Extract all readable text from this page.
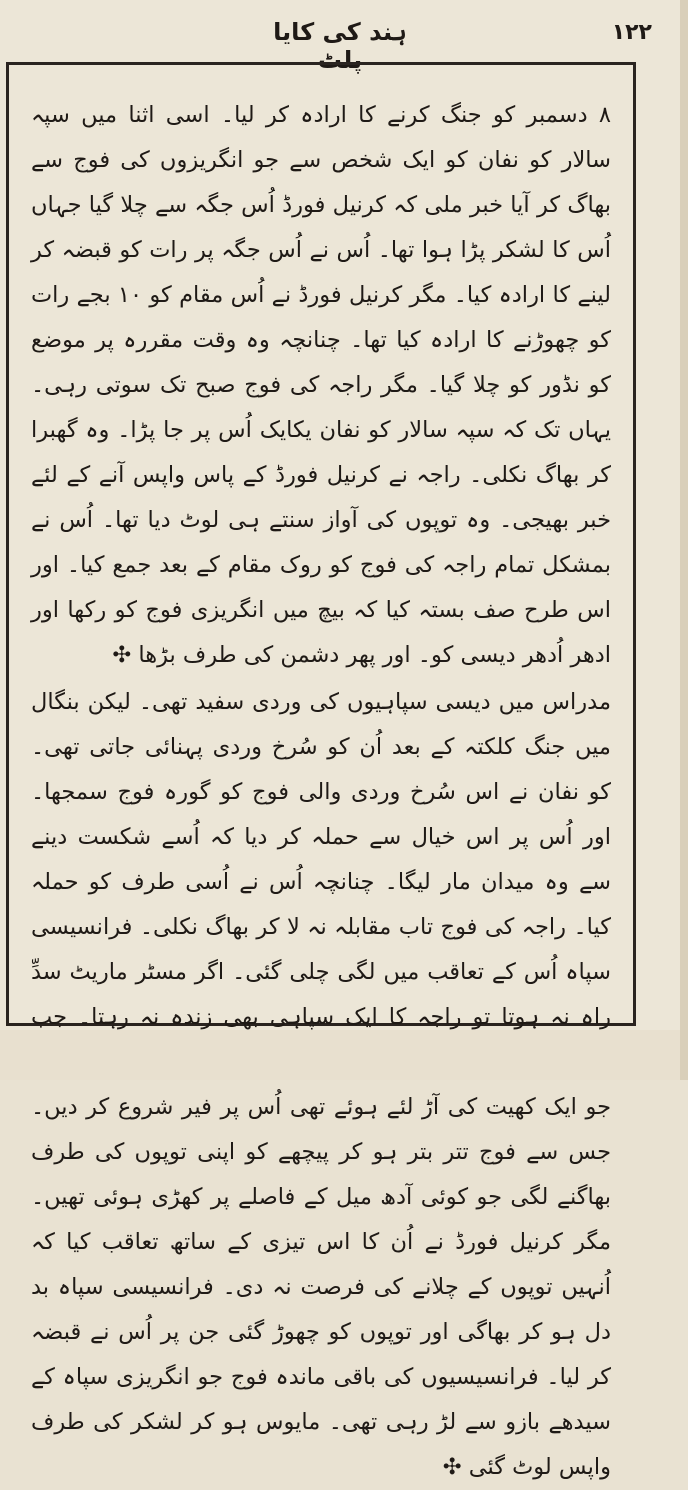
ہند کی کایا پلٹ
۱۲۲

۸ دسمبر کو جنگ کرنے کا ارادہ کر لیا۔ اسی اثنا میں سپہ سالار کو نفان کو ایک شخص سے جو انگریزوں کی فوج سے بھاگ کر آیا خبر ملی کہ کرنیل فورڈ اُس جگہ سے چلا گیا جہاں اُس کا لشکر پڑا ہوا تھا۔ اُس نے اُس جگہ پر رات کو قبضہ کر لینے کا ارادہ کیا۔ مگر کرنیل فورڈ نے اُس مقام کو ۱۰ بجے رات کو چھوڑنے کا ارادہ کیا تھا۔ چنانچہ وہ وقت مقررہ پر موضع کو نڈور کو چلا گیا۔ مگر راجہ کی فوج صبح تک سوتی رہی۔ یہاں تک کہ سپہ سالار کو نفان یکایک اُس پر جا پڑا۔ وہ گھبرا کر بھاگ نکلی۔ راجہ نے کرنیل فورڈ کے پاس واپس آنے کے لئے خبر بھیجی۔ وہ توپوں کی آواز سنتے ہی لوٹ دیا تھا۔ اُس نے بمشکل تمام راجہ کی فوج کو روک مقام کے بعد جمع کیا۔ اور اس طرح صف بستہ کیا کہ بیچ میں انگریزی فوج کو رکھا اور ادھر اُدھر دیسی کو۔ اور پھر دشمن کی طرف بڑھا ✣

مدراس میں دیسی سپاہیوں کی وردی سفید تھی۔ لیکن بنگال میں جنگ کلکتہ کے بعد اُن کو سُرخ وردی پہنائی جاتی تھی۔ کو نفان نے اس سُرخ وردی والی فوج کو گورہ فوج سمجھا۔ اور اُس پر اس خیال سے حملہ کر دیا کہ اُسے شکست دینے سے وہ میدان مار لیگا۔ چنانچہ اُس نے اُسی طرف کو حملہ کیا۔ راجہ کی فوج تاب مقابلہ نہ لا کر بھاگ نکلی۔ فرانسیسی سپاہ اُس کے تعاقب میں لگی چلی گئی۔ اگر مسٹر ماریٹ سدِّ راہ نہ ہوتا تو راجہ کا ایک سپاہی بھی زندہ نہ رہتا۔ جب جو ایک کھیت کی آڑ لئے ہوئے تھی اُس پر فیر شروع کر دیں۔ جس سے فوج تتر بتر ہو کر پیچھے کو اپنی توپوں کی طرف بھاگنے لگی جو کوئی آدھ میل کے فاصلے پر کھڑی ہوئی تھیں۔ مگر کرنیل فورڈ نے اُن کا اس تیزی کے ساتھ تعاقب کیا کہ اُنہیں توپوں کے چلانے کی فرصت نہ دی۔ فرانسیسی سپاہ بد دل ہو کر بھاگی اور توپوں کو چھوڑ گئی جن پر اُس نے قبضہ کر لیا۔ فرانسیسیوں کی باقی ماندہ فوج جو انگریزی سپاہ کے سیدھے بازو سے لڑ رہی تھی۔ مایوس ہو کر لشکر کی طرف واپس لوٹ گئی ✣
